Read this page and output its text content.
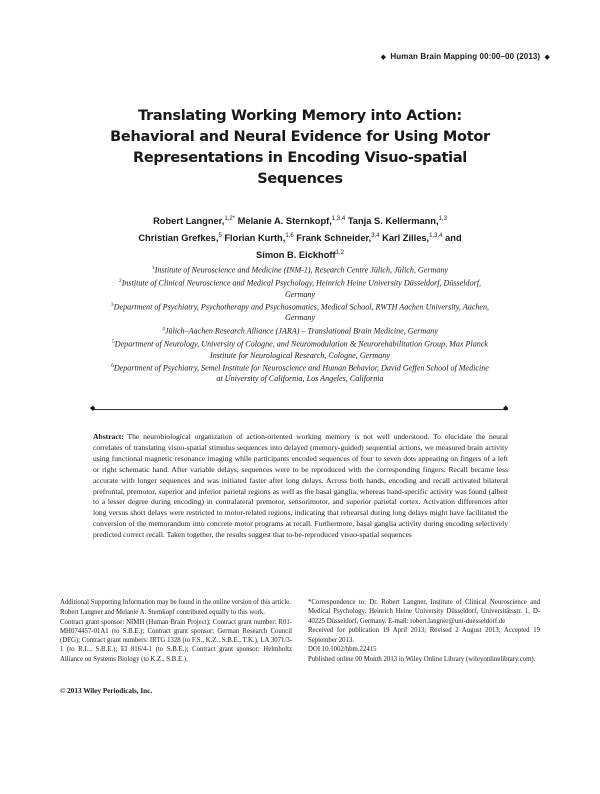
◆ Human Brain Mapping 00:00–00 (2013) ◆
Translating Working Memory into Action:
Behavioral and Neural Evidence for Using Motor
Representations in Encoding Visuo-spatial
Sequences
Robert Langner,$^{1,2*}$ Melanie A. Sternkopf,$^{1,3,4}$ Tanja S. Kellermann,$^{1,3}$
Christian Grefkes,$^5$ Florian Kurth,$^{1,6}$ Frank Schneider,$^{3,4}$ Karl Zilles,$^{1,3,4}$ and
Simon B. Eickhoff$^{1,2}$
$^1$Institute of Neuroscience and Medicine (INM-1), Research Centre Jülich, Jülich, Germany
$^2$Institute of Clinical Neuroscience and Medical Psychology, Heinrich Heine University Düsseldorf, Düsseldorf, Germany
$^3$Department of Psychiatry, Psychotherapy and Psychosomatics, Medical School, RWTH Aachen University, Aachen, Germany
$^4$Jülich–Aachen Research Alliance (JARA) – Translational Brain Medicine, Germany
$^5$Department of Neurology, University of Cologne, and Neuromodulation & Neurorehabilitation Group, Max Planck Institute for Neurological Research, Cologne, Germany
$^6$Department of Psychiatry, Semel Institute for Neuroscience and Human Behavior, David Geffen School of Medicine at University of California, Los Angeles, California
◆	◆
Abstract: The neurobiological organization of action-oriented working memory is not well understood. To elucidate the neural correlates of translating visuo-spatial stimulus sequences into delayed (memory-guided) sequential actions, we measured brain activity using functional magnetic resonance imaging while participants encoded sequences of four to seven dots appearing on fingers of a left or right schematic hand. After variable delays, sequences were to be reproduced with the corresponding fingers. Recall became less accurate with longer sequences and was initiated faster after long delays. Across both hands, encoding and recall activated bilateral prefrontal, premotor, superior and inferior parietal regions as well as the basal ganglia, whereas hand-specific activity was found (albeit to a lesser degree during encoding) in contralateral premotor, sensorimotor, and superior parietal cortex. Activation differences after long versus short delays were restricted to motor-related regions, indicating that rehearsal during long delays might have facilitated the conversion of the memorandum into concrete motor programs at recall. Furthermore, basal ganglia activity during encoding selectively predicted correct recall. Taken together, the results suggest that to-be-reproduced visuo-spatial sequences

Additional Supporting Information may be found in the online version of this article.

Robert Langner and Melanie A. Sternkopf contributed equally to this work.

Contract grant sponsor: NIMH (Human Brain Project); Contract grant number: R01-MH074457-01A1 (to S.B.E.); Contract grant sponsor: German Research Council (DFG); Contract grant numbers: IRTG 1328 (to F.S., K.Z., S.B.E., T.K.), LA 3071/3-1 (to R.L., S.B.E.); EI 816/4-1 (to S.B.E.); Contract grant sponsor: Helmholtz Alliance on Systems Biology (to K.Z., S.B.E.).

*Correspondence to: Dr. Robert Langner, Institute of Clinical Neuroscience and Medical Psychology, Heinrich Heine University Düsseldorf, Universitätsstr. 1, D-40225 Düsseldorf, Germany. E-mail: robert.langner@uni-duesseldorf.de

Received for publication 19 April 2013; Revised 2 August 2013; Accepted 19 September 2013.

DOI 10.1002/hbm.22415

Published online 00 Month 2013 in Wiley Online Library (wileyonlinelibrary.com).

© 2013 Wiley Periodicals, Inc.
